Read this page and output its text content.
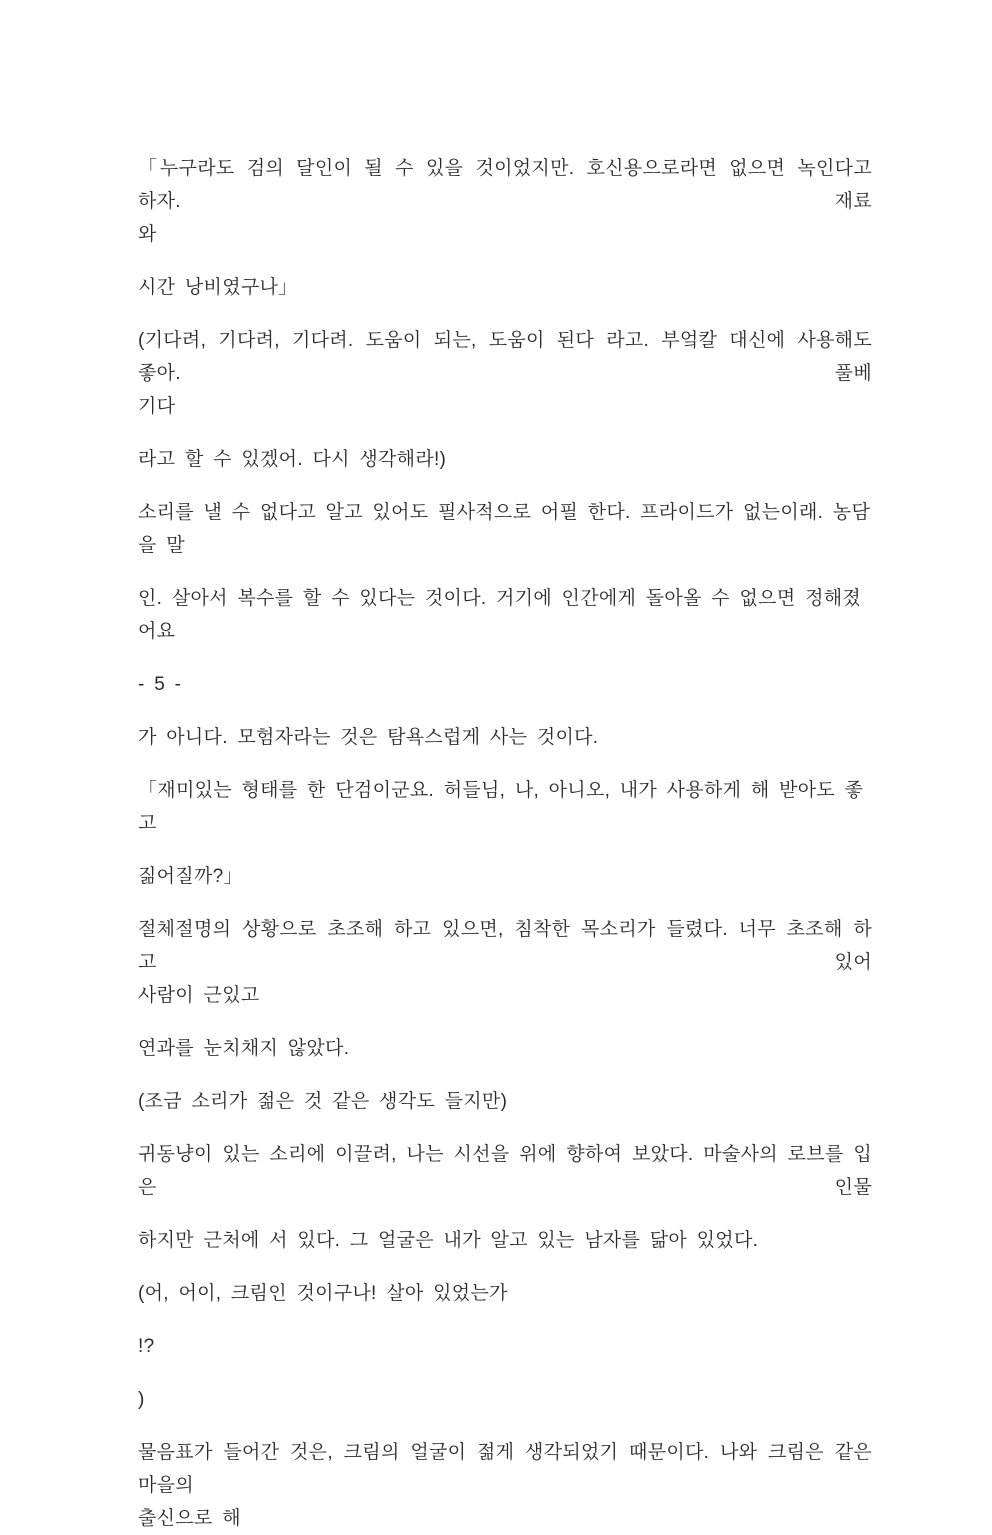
「누구라도 검의 달인이 될 수 있을 것이었지만. 호신용으로라면 없으면 녹인다고 하자. 재료
와
시간 낭비였구나」
(기다려, 기다려, 기다려. 도움이 되는, 도움이 된다 라고. 부엌칼 대신에 사용해도 좋아. 풀베
기다
라고 할 수 있겠어. 다시 생각해라!)
소리를 낼 수 없다고 알고 있어도 필사적으로 어필 한다. 프라이드가 없는이래. 농담을 말
인. 살아서 복수를 할 수 있다는 것이다. 거기에 인간에게 돌아올 수 없으면 정해졌어요
- 5 -
가 아니다. 모험자라는 것은 탐욕스럽게 사는 것이다.
「재미있는 형태를 한 단검이군요. 허들님, 나, 아니오, 내가 사용하게 해 받아도 좋고
짊어질까?」
절체절명의 상황으로 초조해 하고 있으면, 침착한 목소리가 들렸다. 너무 초조해 하고 있어
사람이 근있고
연과를 눈치채지 않았다.
(조금 소리가 젊은 것 같은 생각도 들지만)
귀동냥이 있는 소리에 이끌려, 나는 시선을 위에 향하여 보았다. 마술사의 로브를 입은 인물
하지만 근처에 서 있다. 그 얼굴은 내가 알고 있는 남자를 닮아 있었다.
(어, 어이, 크림인 것이구나! 살아 있었는가
!?
)
물음표가 들어간 것은, 크림의 얼굴이 젊게 생각되었기 때문이다. 나와 크림은 같은 마을의
출신으로 해
